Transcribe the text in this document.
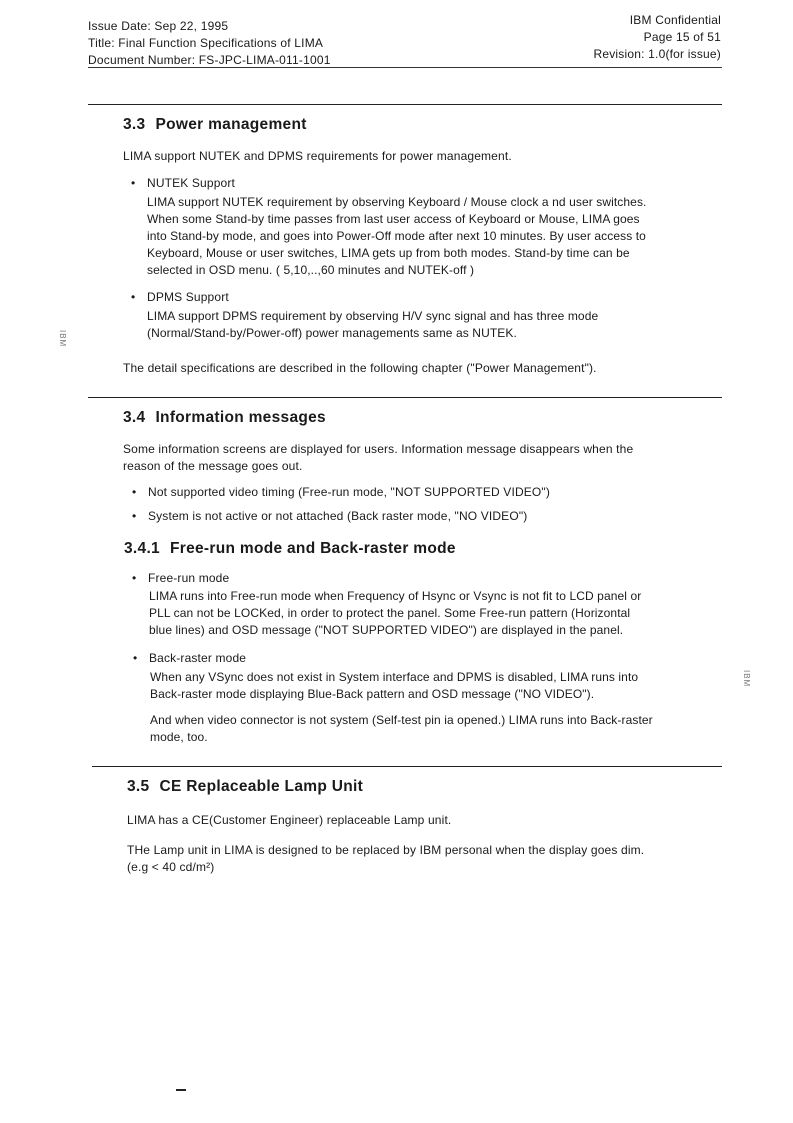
Issue Date: Sep 22, 1995
Title: Final Function Specifications of LIMA
Document Number: FS-JPC-LIMA-011-1001
IBM Confidential
Page 15 of 51
Revision: 1.0(for issue)
3.3 Power management
LIMA support NUTEK and DPMS requirements for power management.
• NUTEK Support
LIMA support NUTEK requirement by observing Keyboard / Mouse clock a nd user switches.
When some Stand-by time passes from last user access of Keyboard or Mouse, LIMA goes
into Stand-by mode, and goes into Power-Off mode after next 10 minutes. By user access to
Keyboard, Mouse or user switches, LIMA gets up from both modes. Stand-by time can be
selected in OSD menu. ( 5,10,..,60 minutes and NUTEK-off )
• DPMS Support
LIMA support DPMS requirement by observing H/V sync signal and has three mode
(Normal/Stand-by/Power-off) power managements same as NUTEK.
The detail specifications are described in the following chapter ("Power Management").
3.4 Information messages
Some information screens are displayed for users. Information message disappears when the
reason of the message goes out.
• Not supported video timing (Free-run mode, "NOT SUPPORTED VIDEO")
• System is not active or not attached (Back raster mode, "NO VIDEO")
3.4.1 Free-run mode and Back-raster mode
• Free-run mode
LIMA runs into Free-run mode when Frequency of Hsync or Vsync is not fit to LCD panel or
PLL can not be LOCKed, in order to protect the panel. Some Free-run pattern (Horizontal
blue lines) and OSD message ("NOT SUPPORTED VIDEO") are displayed in the panel.
• Back-raster mode
When any VSync does not exist in System interface and DPMS is disabled, LIMA runs into
Back-raster mode displaying Blue-Back pattern and OSD message ("NO VIDEO").
And when video connector is not system (Self-test pin ia opened.) LIMA runs into Back-raster
mode, too.
3.5 CE Replaceable Lamp Unit
LIMA has a CE(Customer Engineer) replaceable Lamp unit.
THe Lamp unit in LIMA is designed to be replaced by IBM personal when the display goes dim.
(e.g < 40 cd/m²)
IBM
IBM
